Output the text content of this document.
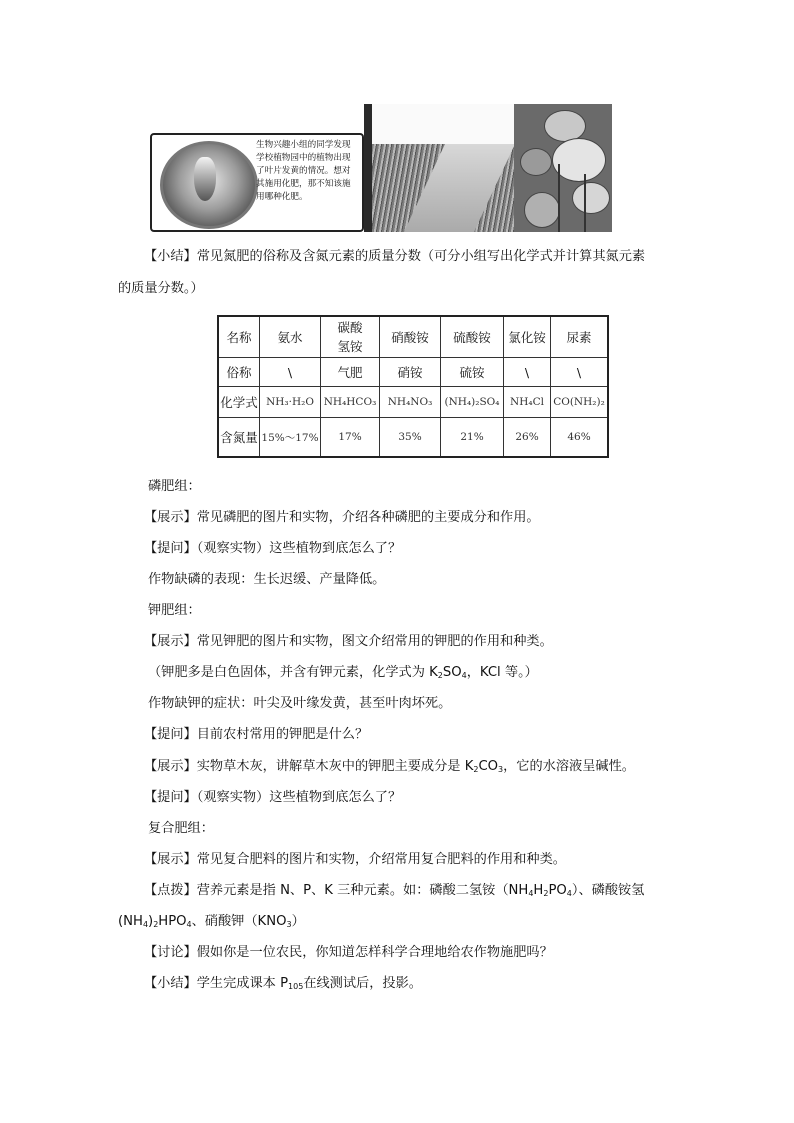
生物兴趣小组的同学发现学校植物园中的植物出现了叶片发黄的情况。想对其施用化肥，那不知该施用哪种化肥。
【小结】常见氮肥的俗称及含氮元素的质量分数（可分小组写出化学式并计算其氮元素
的质量分数。）
名称	氨水	碳酸氢铵	硝酸铵	硫酸铵	氯化铵	尿素
俗称	\	气肥	硝铵	硫铵	\	\
化学式	NH₃·H₂O	NH₄HCO₃	NH₄NO₃	(NH₄)₂SO₄	NH₄Cl	CO(NH₂)₂
含氮量	15%～17%	17%	35%	21%	26%	46%
磷肥组：
【展示】常见磷肥的图片和实物，介绍各种磷肥的主要成分和作用。
【提问】（观察实物）这些植物到底怎么了？
作物缺磷的表现：生长迟缓、产量降低。
钾肥组：
【展示】常见钾肥的图片和实物，图文介绍常用的钾肥的作用和种类。
（钾肥多是白色固体，并含有钾元素，化学式为 $K_2SO_4$，KCl 等。）
作物缺钾的症状：叶尖及叶缘发黄，甚至叶肉坏死。
【提问】目前农村常用的钾肥是什么？
【展示】实物草木灰，讲解草木灰中的钾肥主要成分是 $K_2CO_3$，它的水溶液呈碱性。
【提问】（观察实物）这些植物到底怎么了？
复合肥组：
【展示】常见复合肥料的图片和实物，介绍常用复合肥料的作用和种类。
【点拨】营养元素是指 N、P、K 三种元素。如：磷酸二氢铵$(NH_4H_2PO_4)$、磷酸铵氢
$(NH_4)_2HPO_4$、硝酸钾$(KNO_3)$
【讨论】假如你是一位农民，你知道怎样科学合理地给农作物施肥吗？
【小结】学生完成课本 $P_{105}$在线测试后，投影。
